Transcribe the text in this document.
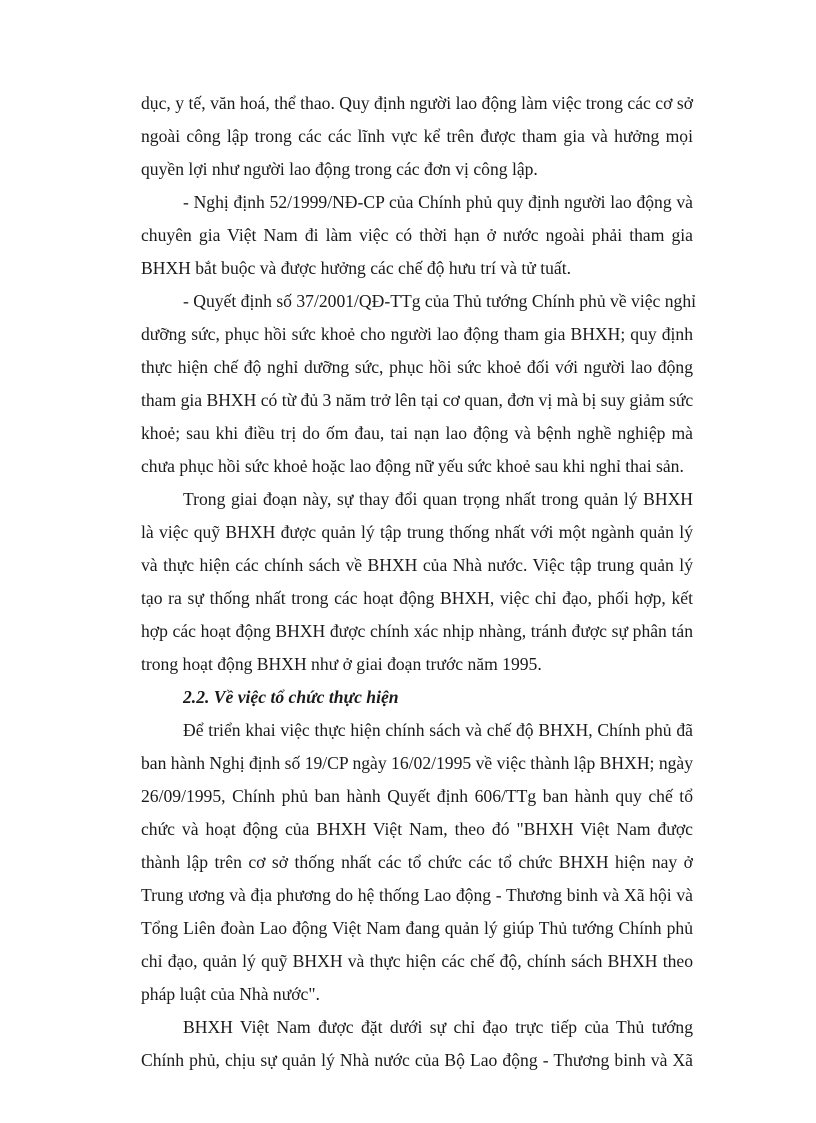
dục, y tế, văn hoá, thể thao. Quy định người lao động làm việc trong các cơ sở
ngoài công lập trong các các lĩnh vực kể trên được tham gia và hưởng mọi
quyền lợi như người lao động trong các đơn vị công lập.
- Nghị định 52/1999/NĐ-CP của Chính phủ quy định người lao động và
chuyên gia Việt Nam đi làm việc có thời hạn ở nước ngoài phải tham gia
BHXH bắt buộc và được hưởng các chế độ hưu trí và tử tuất.
- Quyết định số 37/2001/QĐ-TTg của Thủ tướng Chính phủ về việc nghỉ
dưỡng sức, phục hồi sức khoẻ cho người lao động tham gia BHXH; quy định
thực hiện chế độ nghỉ dưỡng sức, phục hồi sức khoẻ đối với người lao động
tham gia BHXH có từ đủ 3 năm trở lên tại cơ quan, đơn vị mà bị suy giảm sức
khoẻ; sau khi điều trị do ốm đau, tai nạn lao động và bệnh nghề nghiệp mà
chưa phục hồi sức khoẻ hoặc lao động nữ yếu sức khoẻ sau khi nghỉ thai sản.
Trong giai đoạn này, sự thay đổi quan trọng nhất trong quản lý BHXH
là việc quỹ BHXH được quản lý tập trung thống nhất với một ngành quản lý
và thực hiện các chính sách về BHXH của Nhà nước. Việc tập trung quản lý
tạo ra sự thống nhất trong các hoạt động BHXH, việc chỉ đạo, phối hợp, kết
hợp các hoạt động BHXH được chính xác nhịp nhàng, tránh được sự phân tán
trong hoạt động BHXH như ở giai đoạn trước năm 1995.
2.2. Về việc tổ chức thực hiện
Để triển khai việc thực hiện chính sách và chế độ BHXH, Chính phủ đã
ban hành Nghị định số 19/CP ngày 16/02/1995 về việc thành lập BHXH; ngày
26/09/1995, Chính phủ ban hành Quyết định 606/TTg ban hành quy chế tổ
chức và hoạt động của BHXH Việt Nam, theo đó "BHXH Việt Nam được
thành lập trên cơ sở thống nhất các tổ chức các tổ chức BHXH hiện nay ở
Trung ương và địa phương do hệ thống Lao động - Thương binh và Xã hội và
Tổng Liên đoàn Lao động Việt Nam đang quản lý giúp Thủ tướng Chính phủ
chỉ đạo, quản lý quỹ BHXH và thực hiện các chế độ, chính sách BHXH theo
pháp luật của Nhà nước".
BHXH Việt Nam được đặt dưới sự chỉ đạo trực tiếp của Thủ tướng
Chính phủ, chịu sự quản lý Nhà nước của Bộ Lao động - Thương binh và Xã
